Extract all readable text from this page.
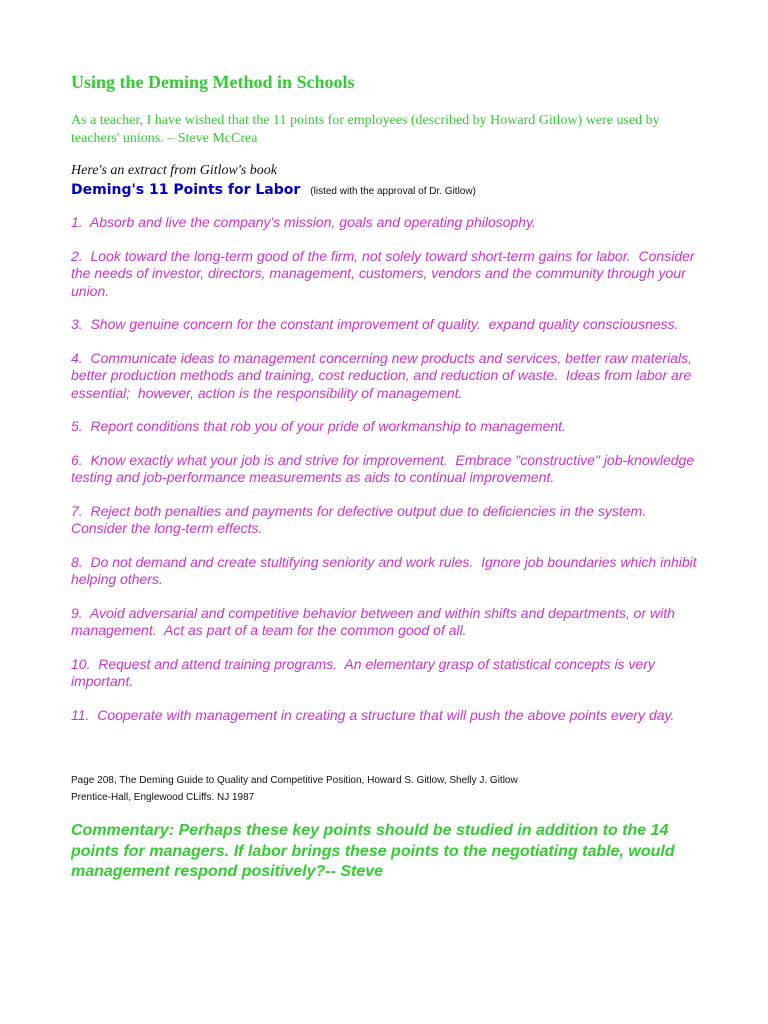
Using the Deming Method in Schools

As a teacher, I have wished that the 11 points for employees (described by Howard Gitlow) were used by teachers' unions. – Steve McCrea

Here's an extract from Gitlow's book

Deming's 11 Points for Labor (listed with the approval of Dr. Gitlow)

1.  Absorb and live the company's mission, goals and operating philosophy.
2.  Look toward the long-term good of the firm, not solely toward short-term gains for labor.  Consider the needs of investor, directors, management, customers, vendors and the community through your union.
3.  Show genuine concern for the constant improvement of quality.  expand quality consciousness.
4.  Communicate ideas to management concerning new products and services, better raw materials, better production methods and training, cost reduction, and reduction of waste.  Ideas from labor are essential;  however, action is the responsibility of management.
5.  Report conditions that rob you of your pride of workmanship to management.
6.  Know exactly what your job is and strive for improvement.  Embrace "constructive" job-knowledge testing and job-performance measurements as aids to continual improvement.
7.  Reject both penalties and payments for defective output due to deficiencies in the system.  Consider the long-term effects.
8.  Do not demand and create stultifying seniority and work rules.  Ignore job boundaries which inhibit helping others.
9.  Avoid adversarial and competitive behavior between and within shifts and departments, or with management.  Act as part of a team for the common good of all.
10.  Request and attend training programs.  An elementary grasp of statistical concepts is very important.
11.  Cooperate with management in creating a structure that will push the above points every day.
Page 208, The Deming Guide to Quality and Competitive Position, Howard S. Gitlow, Shelly J. Gitlow
Prentice-Hall, Englewood CLiffs. NJ 1987

Commentary: Perhaps these key points should be studied in addition to the 14 points for managers. If labor brings these points to the negotiating table, would management respond positively?-- Steve
